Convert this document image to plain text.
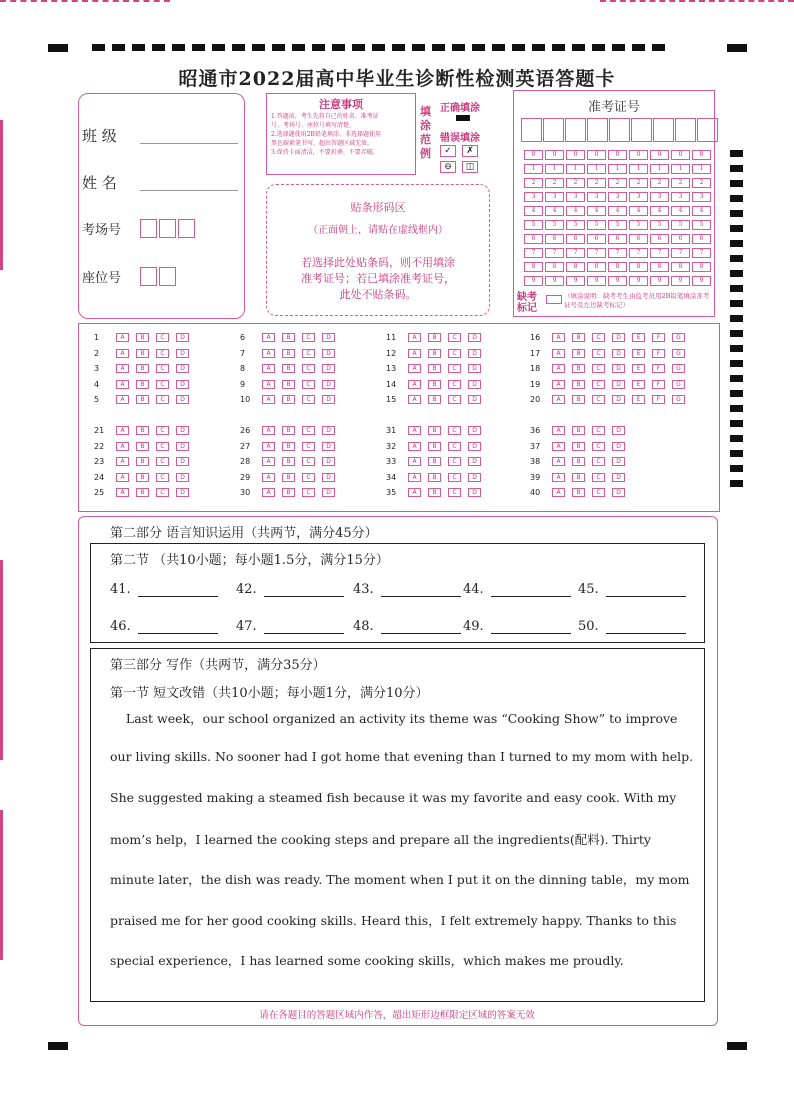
昭通市2022届高中毕业生诊断性检测英语答题卡
班 级
姓 名
考场号
座位号
注意事项
1.答题前，考生先将自己的姓名、准考证
号、考场号、座位号填写清楚。
2.选择题使用2B铅笔填涂，非选择题使用
黑色碳素笔书写，超出答题区域无效。
3.保持卡面清洁，不要折叠、不要弄破。
填涂范例
正确填涂
错误填涂
✓ ✗⊖ ◫
贴条形码区
（正面朝上，请贴在虚线框内）
若选择此处贴条码，则不用填涂
准考证号；若已填涂准考证号，
此处不贴条码。
准考证号
0	0	0	0	0	0	0	0	0
1	1	1	1	1	1	1	1	1
2	2	2	2	2	2	2	2	2
3	3	3	3	3	3	3	3	3
4	4	4	4	4	4	4	4	4
5	5	5	5	5	5	5	5	5
6	6	6	6	6	6	6	6	6
7	7	7	7	7	7	7	7	7
8	8	8	8	8	8	8	8	8
9	9	9	9	9	9	9	9	9
缺考标记
（填涂说明：缺考考生由监考员用2B铅笔填涂准考证号及左边缺考标记）
1	A	B	C	D
2	A	B	C	D
3	A	B	C	D
4	A	B	C	D
5	A	B	C	D
6	A	B	C	D
7	A	B	C	D
8	A	B	C	D
9	A	B	C	D
10	A	B	C	D
11	A	B	C	D
12	A	B	C	D
13	A	B	C	D
14	A	B	C	D
15	A	B	C	D
16	A	B	C	D	E	F	G
17	A	B	C	D	E	F	G
18	A	B	C	D	E	F	G
19	A	B	C	D	E	F	G
20	A	B	C	D	E	F	G
21	A	B	C	D
22	A	B	C	D
23	A	B	C	D
24	A	B	C	D
25	A	B	C	D
26	A	B	C	D
27	A	B	C	D
28	A	B	C	D
29	A	B	C	D
30	A	B	C	D
31	A	B	C	D
32	A	B	C	D
33	A	B	C	D
34	A	B	C	D
35	A	B	C	D
36	A	B	C	D
37	A	B	C	D
38	A	B	C	D
39	A	B	C	D
40	A	B	C	D
第二部分 语言知识运用（共两节，满分45分）
第二节 （共10小题；每小题1.5分，满分15分）
41.	42.	43.	44.	45.
46.	47.	48.	49.	50.
第三部分 写作（共两节，满分35分）
第一节 短文改错（共10小题；每小题1分，满分10分）
Last week，our school organized an activity its theme was “Cooking Show” to improve
our living skills. No sooner had I got home that evening than I turned to my mom with help.
She suggested making a steamed fish because it was my favorite and easy cook. With my
mom’s help，I learned the cooking steps and prepare all the ingredients(配料). Thirty
minute later，the dish was ready. The moment when I put it on the dinning table，my mom
praised me for her good cooking skills. Heard this，I felt extremely happy. Thanks to this
special experience，I has learned some cooking skills，which makes me proudly.
请在各题目的答题区域内作答，超出矩形边框限定区域的答案无效
